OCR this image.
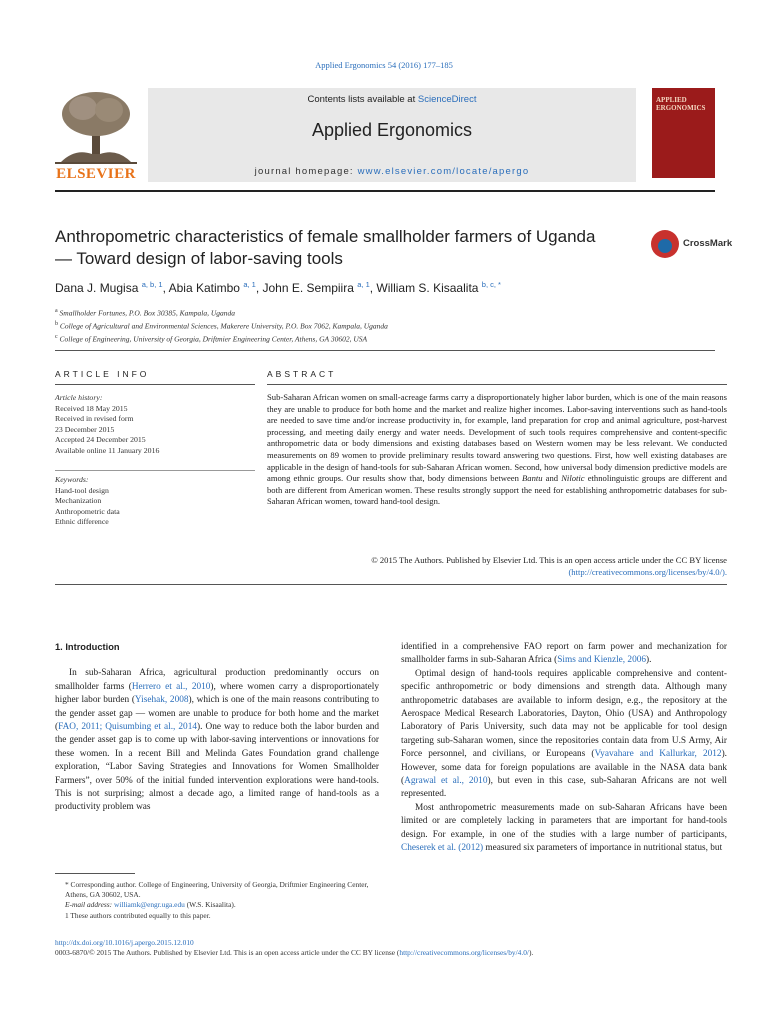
Applied Ergonomics 54 (2016) 177–185
ELSEVIER
Contents lists available at ScienceDirect
Applied Ergonomics
journal homepage: www.elsevier.com/locate/apergo
APPLIED
ERGONOMICS
Anthropometric characteristics of female smallholder farmers of Uganda — Toward design of labor-saving tools
CrossMark
Dana J. Mugisa $^{a, b, 1}$, Abia Katimbo $^{a, 1}$, John E. Sempiira $^{a, 1}$, William S. Kisaalita $^{b, c, *}$
$^a$ Smallholder Fortunes, P.O. Box 30385, Kampala, Uganda
$^b$ College of Agricultural and Environmental Sciences, Makerere University, P.O. Box 7062, Kampala, Uganda
$^c$ College of Engineering, University of Georgia, Driftmier Engineering Center, Athens, GA 30602, USA
ARTICLE INFO	ABSTRACT
Article history:
Received 18 May 2015
Received in revised form
23 December 2015
Accepted 24 December 2015
Available online 11 January 2016
Keywords:
Hand-tool design
Mechanization
Anthropometric data
Ethnic difference
Sub-Saharan African women on small-acreage farms carry a disproportionately higher labor burden, which is one of the main reasons they are unable to produce for both home and the market and realize higher incomes. Labor-saving interventions such as hand-tools are needed to save time and/or increase productivity in, for example, land preparation for crop and animal agriculture, post-harvest processing, and meeting daily energy and water needs. Development of such tools requires comprehensive and content-specific anthropometric data or body dimensions and existing databases based on Western women may be less relevant. We conducted measurements on 89 women to provide preliminary results toward answering two questions. First, how well existing databases are applicable in the design of hand-tools for sub-Saharan African women. Second, how universal body dimension predictive models are among ethnic groups. Our results show that, body dimensions between Bantu and Nilotic ethnolinguistic groups are different and both are different from American women. These results strongly support the need for establishing anthropometric databases for sub-Saharan African women, toward hand-tool design.
© 2015 The Authors. Published by Elsevier Ltd. This is an open access article under the CC BY license
(http://creativecommons.org/licenses/by/4.0/).

1. Introduction

In sub-Saharan Africa, agricultural production predominantly occurs on smallholder farms (Herrero et al., 2010), where women carry a disproportionately higher labor burden (Yisehak, 2008), which is one of the main reasons contributing to the gender asset gap — women are unable to produce for both home and the market (FAO, 2011; Quisumbing et al., 2014). One way to reduce both the labor burden and the gender asset gap is to come up with labor-saving interventions or innovations for these women. In a recent Bill and Melinda Gates Foundation grand challenge exploration, “Labor Saving Strategies and Innovations for Women Smallholder Farmers”, over 50% of the initial funded intervention explorations were hand-tools. This is not surprising; almost a decade ago, a limited range of hand-tools as a productivity problem was

identified in a comprehensive FAO report on farm power and mechanization for smallholder farms in sub-Saharan Africa (Sims and Kienzle, 2006).

Optimal design of hand-tools requires applicable comprehensive and content-specific anthropometric or body dimensions and strength data. Although many anthropometric databases are available to inform design, e.g., the repository at the Aerospace Medical Research Laboratories, Dayton, Ohio (USA) and Anthropology Laboratory of Paris University, such data may not be applicable for tool design targeting sub-Saharan women, since the repositories contain data from U.S Army, Air Force personnel, and civilians, or Europeans (Vyavahare and Kallurkar, 2012). However, some data for foreign populations are available in the NASA data bank (Agrawal et al., 2010), but even in this case, sub-Saharan Africans are not well represented.

Most anthropometric measurements made on sub-Saharan Africans have been limited or are completely lacking in parameters that are important for hand-tools design. For example, in one of the studies with a large number of participants, Cheserek et al. (2012) measured six parameters of importance in nutritional status, but

* Corresponding author. College of Engineering, University of Georgia, Driftmier Engineering Center, Athens, GA 30602, USA.
E-mail address: williamk@engr.uga.edu (W.S. Kisaalita).
1 These authors contributed equally to this paper.
http://dx.doi.org/10.1016/j.apergo.2015.12.010
0003-6870/© 2015 The Authors. Published by Elsevier Ltd. This is an open access article under the CC BY license (http://creativecommons.org/licenses/by/4.0/).
